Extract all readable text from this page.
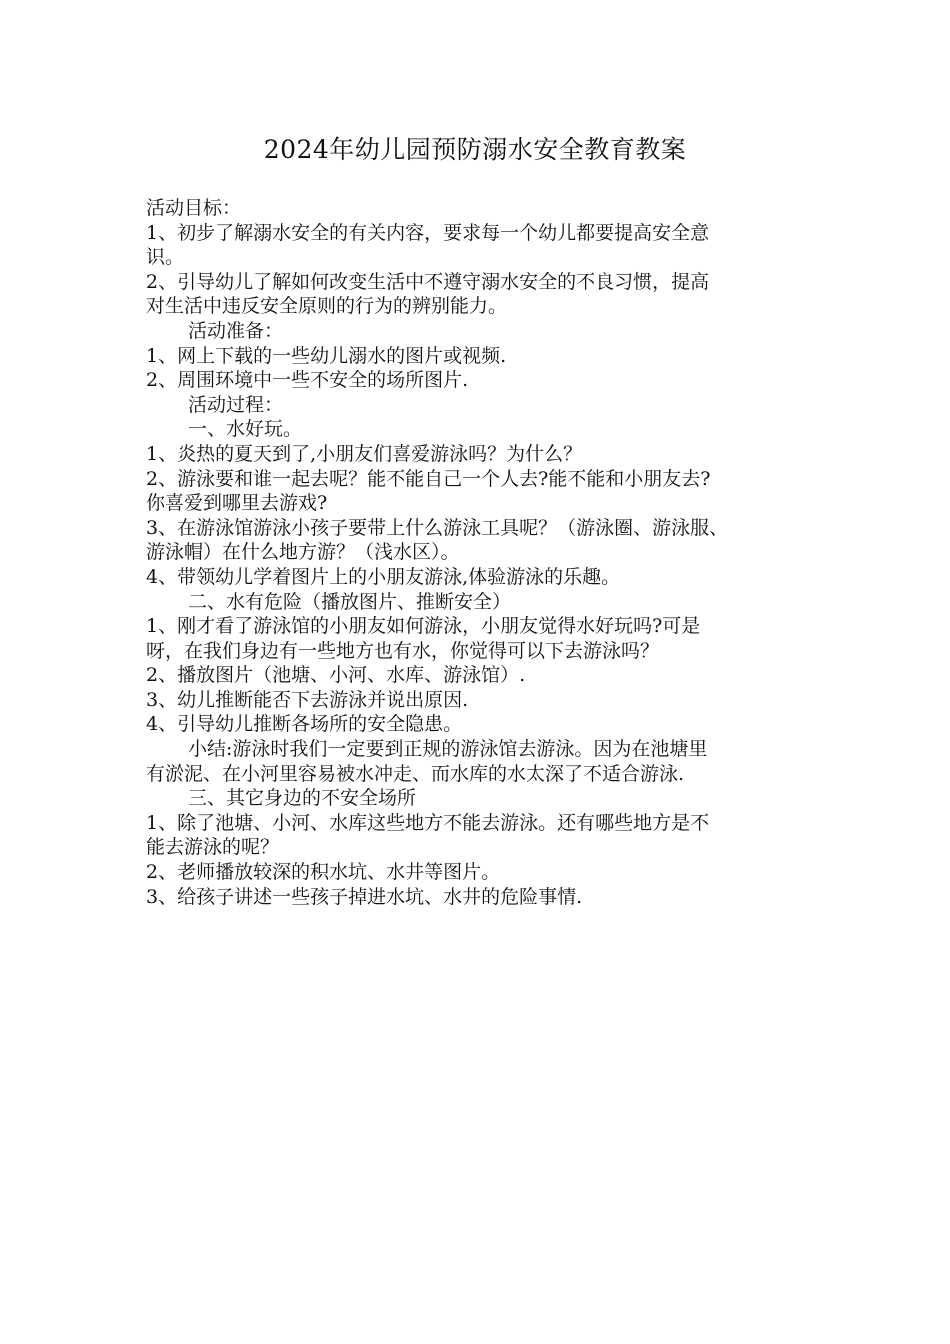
2024年幼儿园预防溺水安全教育教案
活动目标：
1、初步了解溺水安全的有关内容，要求每一个幼儿都要提高安全意
识。
2、引导幼儿了解如何改变生活中不遵守溺水安全的不良习惯，提高
对生活中违反安全原则的行为的辨别能力。
活动准备：
1、网上下载的一些幼儿溺水的图片或视频.
2、周围环境中一些不安全的场所图片.
活动过程：
一、水好玩。
1、炎热的夏天到了,小朋友们喜爱游泳吗？为什么？
2、游泳要和谁一起去呢？能不能自己一个人去?能不能和小朋友去?
你喜爱到哪里去游戏?
3、在游泳馆游泳小孩子要带上什么游泳工具呢？（游泳圈、游泳服、
游泳帽）在什么地方游？（浅水区）。
4、带领幼儿学着图片上的小朋友游泳,体验游泳的乐趣。
二、水有危险（播放图片、推断安全）
1、刚才看了游泳馆的小朋友如何游泳，小朋友觉得水好玩吗?可是
呀，在我们身边有一些地方也有水，你觉得可以下去游泳吗？
2、播放图片（池塘、小河、水库、游泳馆）.
3、幼儿推断能否下去游泳并说出原因.
4、引导幼儿推断各场所的安全隐患。
小结:游泳时我们一定要到正规的游泳馆去游泳。因为在池塘里
有淤泥、在小河里容易被水冲走、而水库的水太深了不适合游泳.
三、其它身边的不安全场所
1、除了池塘、小河、水库这些地方不能去游泳。还有哪些地方是不
能去游泳的呢？
2、老师播放较深的积水坑、水井等图片。
3、给孩子讲述一些孩子掉进水坑、水井的危险事情.
